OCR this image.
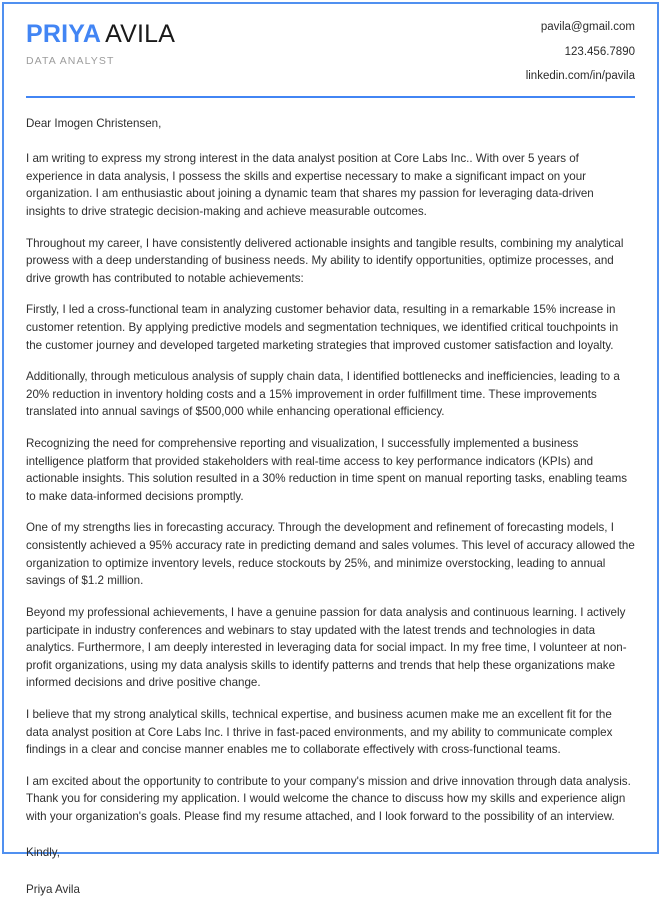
PRIYA AVILA
DATA ANALYST
pavila@gmail.com
123.456.7890
linkedin.com/in/pavila

Dear Imogen Christensen,

I am writing to express my strong interest in the data analyst position at Core Labs Inc.. With over 5 years of experience in data analysis, I possess the skills and expertise necessary to make a significant impact on your organization. I am enthusiastic about joining a dynamic team that shares my passion for leveraging data-driven insights to drive strategic decision-making and achieve measurable outcomes.

Throughout my career, I have consistently delivered actionable insights and tangible results, combining my analytical prowess with a deep understanding of business needs. My ability to identify opportunities, optimize processes, and drive growth has contributed to notable achievements:

Firstly, I led a cross-functional team in analyzing customer behavior data, resulting in a remarkable 15% increase in customer retention. By applying predictive models and segmentation techniques, we identified critical touchpoints in the customer journey and developed targeted marketing strategies that improved customer satisfaction and loyalty.

Additionally, through meticulous analysis of supply chain data, I identified bottlenecks and inefficiencies, leading to a 20% reduction in inventory holding costs and a 15% improvement in order fulfillment time. These improvements translated into annual savings of $500,000 while enhancing operational efficiency.

Recognizing the need for comprehensive reporting and visualization, I successfully implemented a business intelligence platform that provided stakeholders with real-time access to key performance indicators (KPIs) and actionable insights. This solution resulted in a 30% reduction in time spent on manual reporting tasks, enabling teams to make data-informed decisions promptly.

One of my strengths lies in forecasting accuracy. Through the development and refinement of forecasting models, I consistently achieved a 95% accuracy rate in predicting demand and sales volumes. This level of accuracy allowed the organization to optimize inventory levels, reduce stockouts by 25%, and minimize overstocking, leading to annual savings of $1.2 million.

Beyond my professional achievements, I have a genuine passion for data analysis and continuous learning. I actively participate in industry conferences and webinars to stay updated with the latest trends and technologies in data analytics. Furthermore, I am deeply interested in leveraging data for social impact. In my free time, I volunteer at non-profit organizations, using my data analysis skills to identify patterns and trends that help these organizations make informed decisions and drive positive change.

I believe that my strong analytical skills, technical expertise, and business acumen make me an excellent fit for the data analyst position at Core Labs Inc. I thrive in fast-paced environments, and my ability to communicate complex findings in a clear and concise manner enables me to collaborate effectively with cross-functional teams.

I am excited about the opportunity to contribute to your company's mission and drive innovation through data analysis. Thank you for considering my application. I would welcome the chance to discuss how my skills and experience align with your organization's goals. Please find my resume attached, and I look forward to the possibility of an interview.

Kindly,

Priya Avila
